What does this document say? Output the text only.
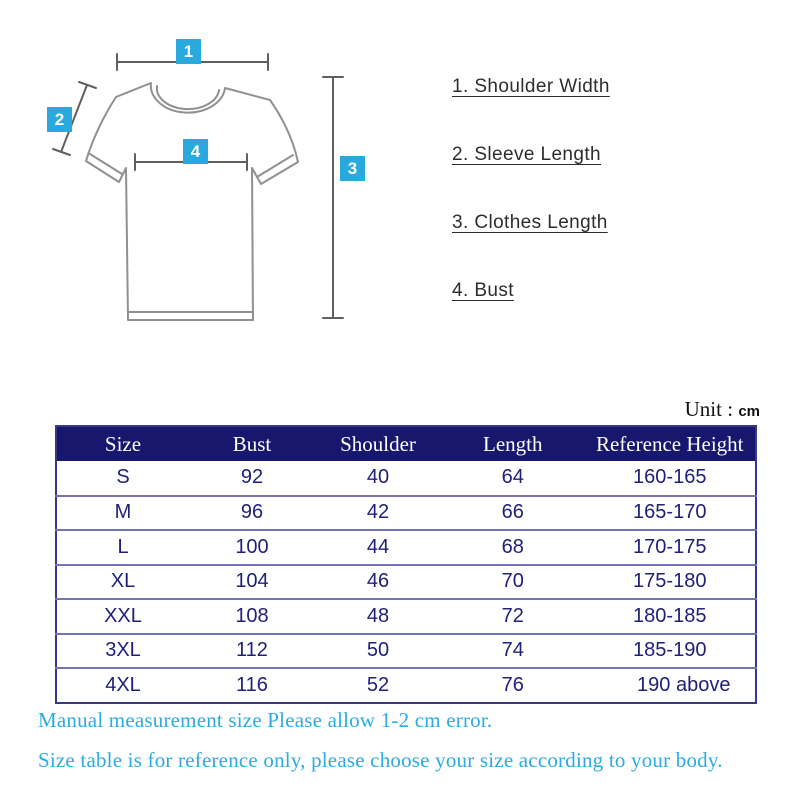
1
2
3
4
1. Shoulder Width
2. Sleeve Length
3. Clothes Length
4. Bust
Unit : cm
Size	Bust	Shoulder	Length	Reference Height
S	92	40	64	160-165
M	96	42	66	165-170
L	100	44	68	170-175
XL	104	46	70	175-180
XXL	108	48	72	180-185
3XL	112	50	74	185-190
4XL	116	52	76	190 above
Manual measurement size Please allow 1-2 cm error.
Size table is for reference only, please choose your size according to your body.
